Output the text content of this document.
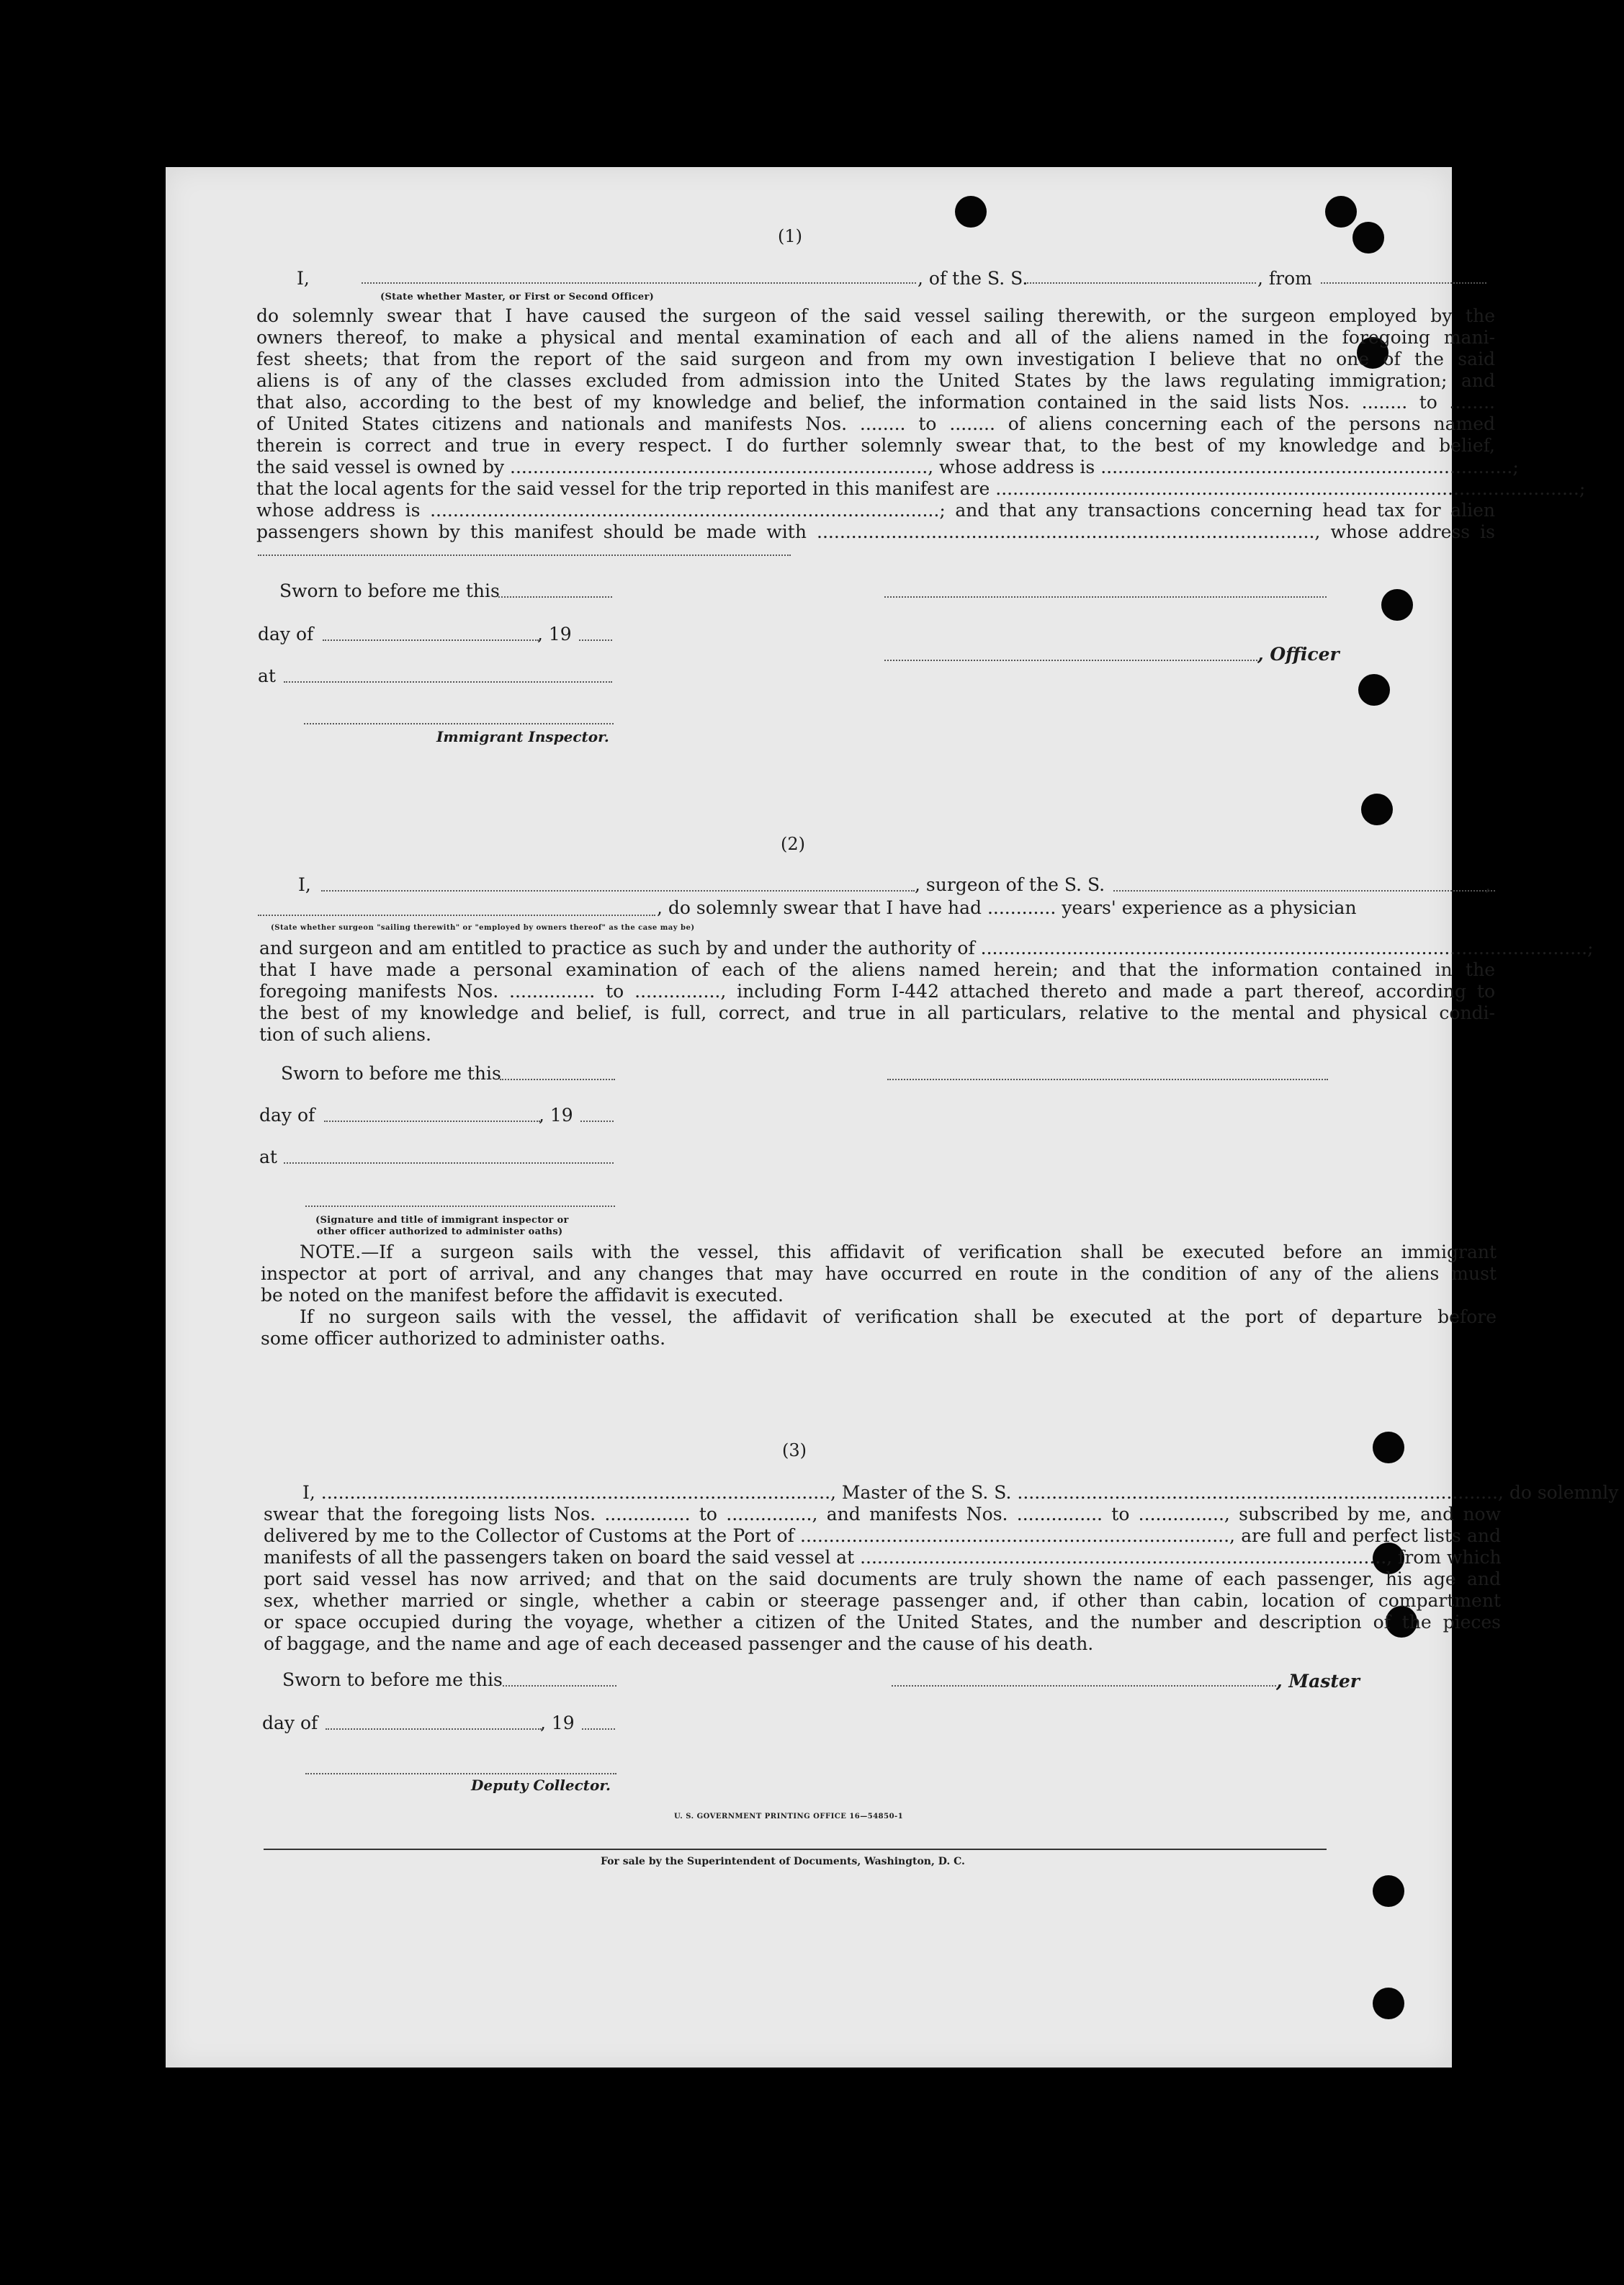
(1)
I,	, of the S. S.	, from
(State whether Master, or First or Second Officer)
do solemnly swear that I have caused the surgeon of the said vessel sailing therewith, or the surgeon employed by the
owners thereof, to make a physical and mental examination of each and all of the aliens named in the foregoing mani-
fest sheets; that from the report of the said surgeon and from my own investigation I believe that no one of the said
aliens is of any of the classes excluded from admission into the United States by the laws regulating immigration; and
that also, according to the best of my knowledge and belief, the information contained in the said lists Nos. ........ to ........
of United States citizens and nationals and manifests Nos. ........ to ........ of aliens concerning each of the persons named
therein is correct and true in every respect. I do further solemnly swear that, to the best of my knowledge and belief,
the said vessel is owned by ........................................................................., whose address is ........................................................................;
that the local agents for the said vessel for the trip reported in this manifest are ......................................................................................................;
whose address is .........................................................................................; and that any transactions concerning head tax for alien
passengers shown by this manifest should be made with ......................................................................................., whose address is
Sworn to before me this
day of	, 19
, Officer
at
Immigrant Inspector.
(2)
I,	, surgeon of the S. S.	,
, do solemnly swear that I have had ............ years' experience as a physician
(State whether surgeon "sailing therewith" or "employed by owners thereof" as the case may be)
and surgeon and am entitled to practice as such by and under the authority of ..........................................................................................................;
that I have made a personal examination of each of the aliens named herein; and that the information contained in the
foregoing manifests Nos. ............... to ..............., including Form I-442 attached thereto and made a part thereof, according to
the best of my knowledge and belief, is full, correct, and true in all particulars, relative to the mental and physical condi-
tion of such aliens.
Sworn to before me this
day of	, 19
at
(Signature and title of immigrant inspector or
other officer authorized to administer oaths)
NOTE.—If a surgeon sails with the vessel, this affidavit of verification shall be executed before an immigrant
inspector at port of arrival, and any changes that may have occurred en route in the condition of any of the aliens must
be noted on the manifest before the affidavit is executed.
If no surgeon sails with the vessel, the affidavit of verification shall be executed at the port of departure before
some officer authorized to administer oaths.
(3)
I, ........................................................................................., Master of the S. S. ...................................................................................., do solemnly
swear that the foregoing lists Nos. ............... to ..............., and manifests Nos. ............... to ..............., subscribed by me, and now
delivered by me to the Collector of Customs at the Port of ..........................................................................., are full and perfect lists and
manifests of all the passengers taken on board the said vessel at ............................................................................................, from which
port said vessel has now arrived; and that on the said documents are truly shown the name of each passenger, his age and
sex, whether married or single, whether a cabin or steerage passenger and, if other than cabin, location of compartment
or space occupied during the voyage, whether a citizen of the United States, and the number and description of the pieces
of baggage, and the name and age of each deceased passenger and the cause of his death.
Sworn to before me this	, Master
day of	, 19
Deputy Collector.
U. S. GOVERNMENT PRINTING OFFICE 16—54850-1
For sale by the Superintendent of Documents, Washington, D. C.
